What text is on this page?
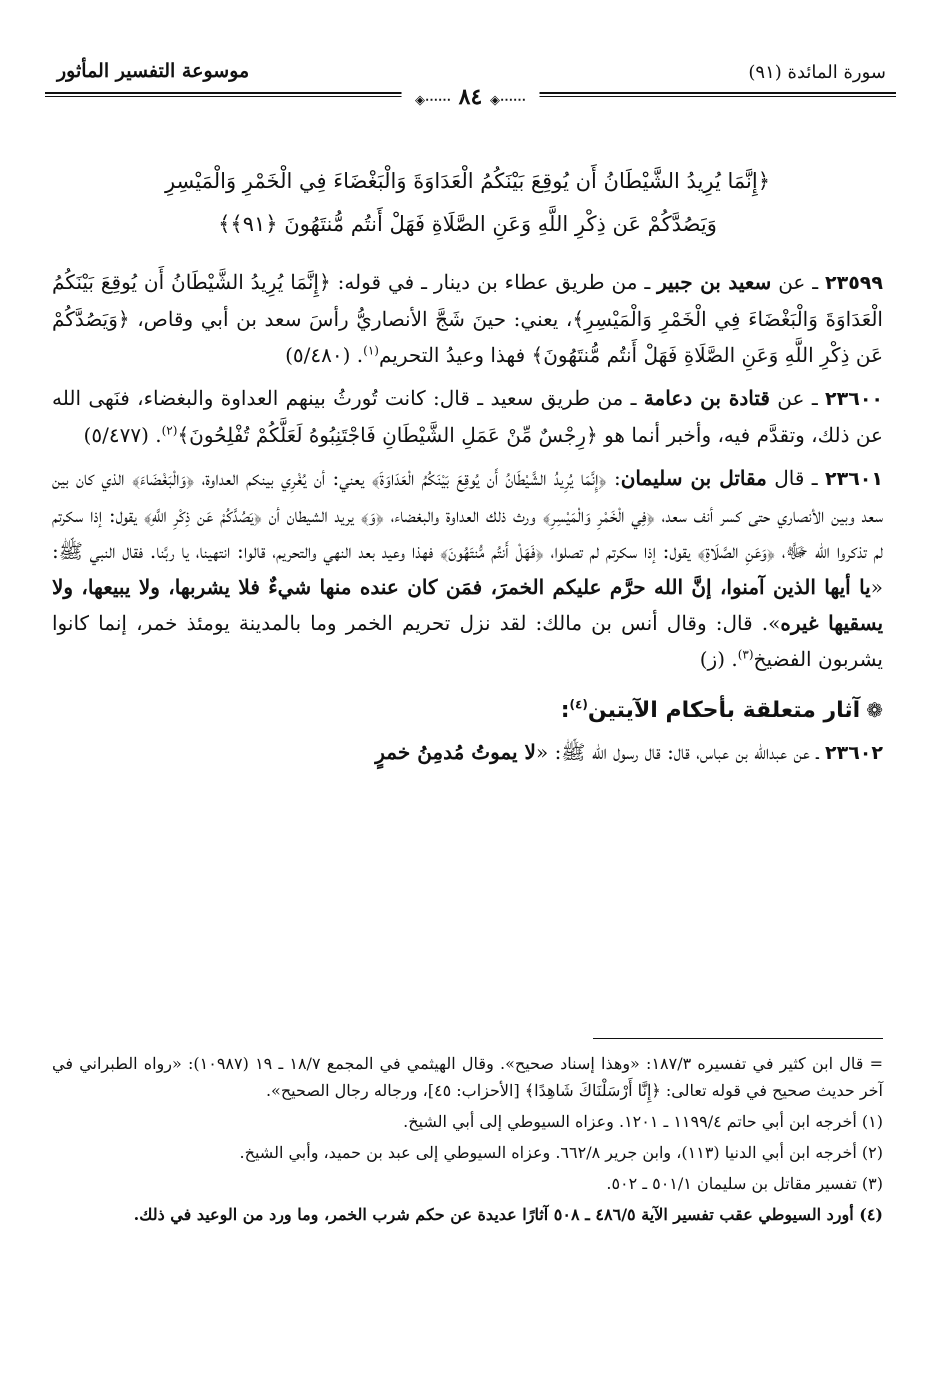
موسوعة التفسير المأثور	سورة المائدة (٩١)
◈⋯⋯ ٨٤ ◈⋯⋯
﴿إِنَّمَا يُرِيدُ الشَّيْطَانُ أَن يُوقِعَ بَيْنَكُمُ الْعَدَاوَةَ وَالْبَغْضَاءَ فِي الْخَمْرِ وَالْمَيْسِرِ
وَيَصُدَّكُمْ عَن ذِكْرِ اللَّهِ وَعَنِ الصَّلَاةِ فَهَلْ أَنتُم مُّنتَهُونَ ﴿٩١﴾﴾

٢٣٥٩٩ ـ عن سعيد بن جبير ـ من طريق عطاء بن دينار ـ في قوله: ﴿إِنَّمَا يُرِيدُ الشَّيْطَانُ أَن يُوقِعَ بَيْنَكُمُ الْعَدَاوَةَ وَالْبَغْضَاءَ فِي الْخَمْرِ وَالْمَيْسِرِ﴾، يعني: حينَ شَجَّ الأنصاريُّ رأسَ سعد بن أبي وقاص، ﴿وَيَصُدَّكُمْ عَن ذِكْرِ اللَّهِ وَعَنِ الصَّلَاةِ فَهَلْ أَنتُم مُّنتَهُونَ﴾ فهذا وعيدُ التحريم$^{(١)}$. (٥/٤٨٠)

٢٣٦٠٠ ـ عن قتادة بن دعامة ـ من طريق سعيد ـ قال: كانت تُورثُ بينهم العداوة والبغضاء، فنَهى الله عن ذلك، وتقدَّم فيه، وأخبر أنما هو ﴿رِجْسٌ مِّنْ عَمَلِ الشَّيْطَانِ فَاجْتَنِبُوهُ لَعَلَّكُمْ تُفْلِحُونَ﴾$^{(٢)}$. (٥/٤٧٧)

٢٣٦٠١ ـ قال مقاتل بن سليمان: ﴿إِنَّمَا يُرِيدُ الشَّيْطَانُ أَن يُوقِعَ بَيْنَكُمُ الْعَدَاوَةَ﴾ يعني: أن يُغْرِي بينكم العداوة، ﴿وَالْبَغْضَاءَ﴾ الذي كان بين سعد وبين الأنصاري حتى كسر أنف سعد، ﴿فِي الْخَمْرِ وَالْمَيْسِرِ﴾ ورث ذلك العداوة والبغضاء، ﴿وَ﴾ يريد الشيطان أن ﴿يَصُدَّكُمْ عَن ذِكْرِ اللَّهِ﴾ يقول: إذا سكرتم لم تذكروا الله ﷻ، ﴿وَعَنِ الصَّلَاةِ﴾ يقول: إذا سكرتم لم تصلوا، ﴿فَهَلْ أَنتُم مُّنتَهُونَ﴾ فهذا وعيد بعد النهي والتحريم، قالوا: انتهينا، يا ربَّنا. فقال النبي ﷺ: «يا أيها الذين آمنوا، إنَّ الله حرَّم عليكم الخمرَ، فمَن كان عنده منها شيءٌ فلا يشربها، ولا يبيعها، ولا يسقيها غيره». قال: وقال أنس بن مالك: لقد نزل تحريم الخمر وما بالمدينة يومئذ خمر، إنما كانوا يشربون الفضيخ$^{(٣)}$. (ز)

❁آثار متعلقة بأحكام الآيتين$^{(٤)}$:

٢٣٦٠٢ ـ عن عبدالله بن عباس، قال: قال رسول الله ﷺ: «لا يموتُ مُدمِنُ خمرٍ

= قال ابن كثير في تفسيره ١٨٧/٣: «وهذا إسناد صحيح». وقال الهيثمي في المجمع ١٨/٧ ـ ١٩ (١٠٩٨٧): «رواه الطبراني في آخر حديث صحيح في قوله تعالى: ﴿إِنَّا أَرْسَلْنَاكَ شَاهِدًا﴾ [الأحزاب: ٤٥]، ورجاله رجال الصحيح».

(١) أخرجه ابن أبي حاتم ١١٩٩/٤ ـ ١٢٠١. وعزاه السيوطي إلى أبي الشيخ.

(٢) أخرجه ابن أبي الدنيا (١١٣)، وابن جرير ٦٦٢/٨. وعزاه السيوطي إلى عبد بن حميد، وأبي الشيخ.

(٣) تفسير مقاتل بن سليمان ٥٠١/١ ـ ٥٠٢.

(٤) أورد السيوطي عقب تفسير الآية ٤٨٦/٥ ـ ٥٠٨ آثارًا عديدة عن حكم شرب الخمر، وما ورد من الوعيد في ذلك.
